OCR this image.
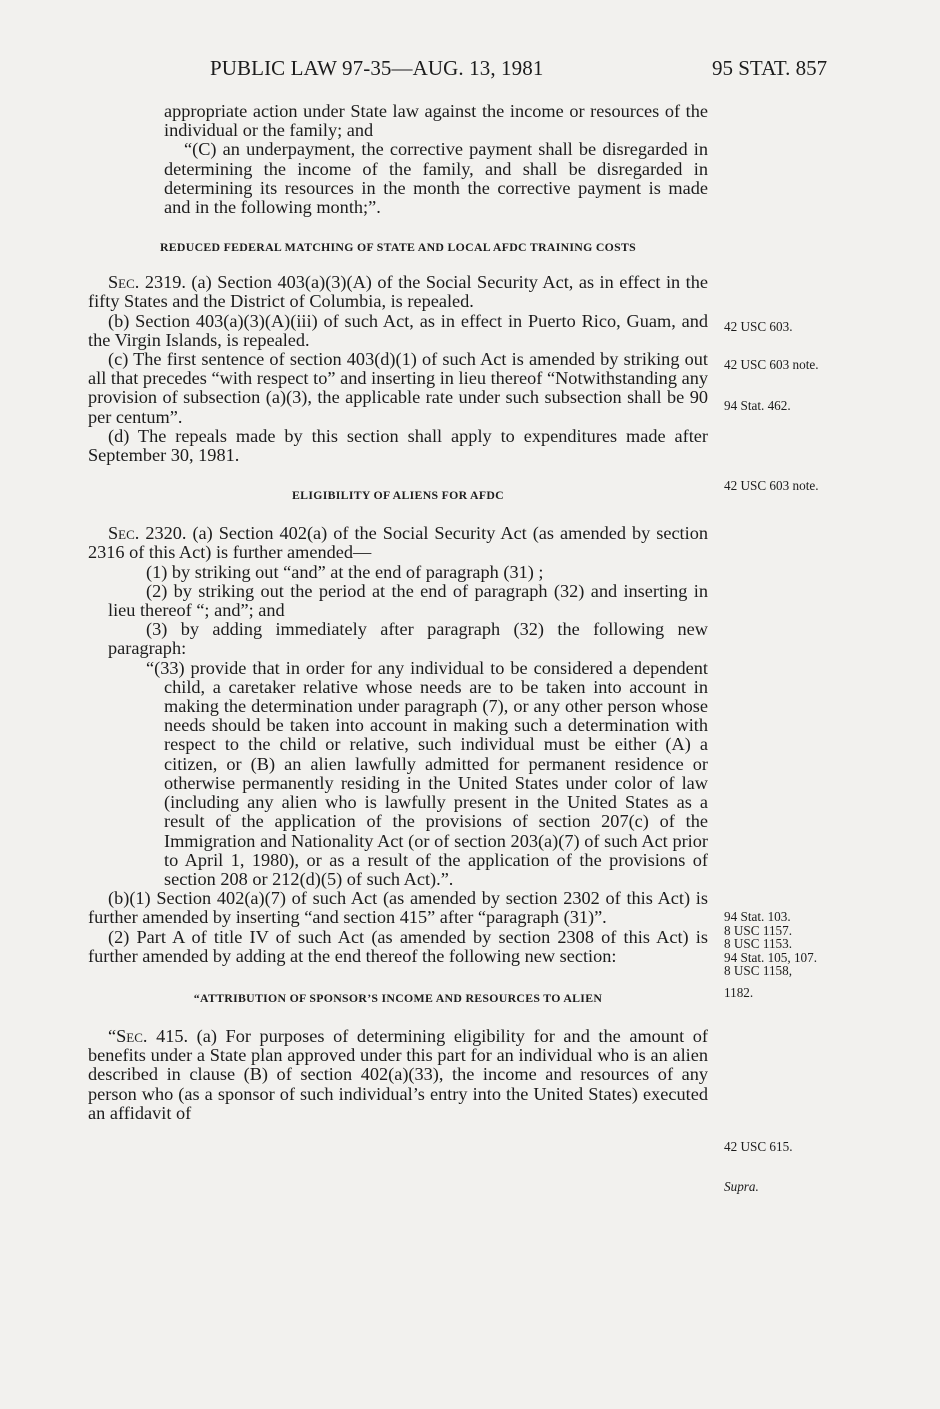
PUBLIC LAW 97-35—AUG. 13, 1981	95 STAT. 857

appropriate action under State law against the income or resources of the individual or the family; and

“(C) an underpayment, the corrective payment shall be disregarded in determining the income of the family, and shall be disregarded in determining its resources in the month the corrective payment is made and in the following month;”.

REDUCED FEDERAL MATCHING OF STATE AND LOCAL AFDC TRAINING COSTS

Sec. 2319. (a) Section 403(a)(3)(A) of the Social Security Act, as in effect in the fifty States and the District of Columbia, is repealed.

(b) Section 403(a)(3)(A)(iii) of such Act, as in effect in Puerto Rico, Guam, and the Virgin Islands, is repealed.

(c) The first sentence of section 403(d)(1) of such Act is amended by striking out all that precedes “with respect to” and inserting in lieu thereof “Notwithstanding any provision of subsection (a)(3), the applicable rate under such subsection shall be 90 per centum”.

(d) The repeals made by this section shall apply to expenditures made after September 30, 1981.

ELIGIBILITY OF ALIENS FOR AFDC

Sec. 2320. (a) Section 402(a) of the Social Security Act (as amended by section 2316 of this Act) is further amended—

(1) by striking out “and” at the end of paragraph (31) ;

(2) by striking out the period at the end of paragraph (32) and inserting in lieu thereof “; and”; and

(3) by adding immediately after paragraph (32) the following new paragraph:

“(33) provide that in order for any individual to be considered a dependent child, a caretaker relative whose needs are to be taken into account in making the determination under paragraph (7), or any other person whose needs should be taken into account in making such a determination with respect to the child or relative, such individual must be either (A) a citizen, or (B) an alien lawfully admitted for permanent residence or otherwise permanently residing in the United States under color of law (including any alien who is lawfully present in the United States as a result of the application of the provisions of section 207(c) of the Immigration and Nationality Act (or of section 203(a)(7) of such Act prior to April 1, 1980), or as a result of the application of the provisions of section 208 or 212(d)(5) of such Act).”.

(b)(1) Section 402(a)(7) of such Act (as amended by section 2302 of this Act) is further amended by inserting “and section 415” after “paragraph (31)”.

(2) Part A of title IV of such Act (as amended by section 2308 of this Act) is further amended by adding at the end thereof the following new section:

“ATTRIBUTION OF SPONSOR’S INCOME AND RESOURCES TO ALIEN

“Sec. 415. (a) For purposes of determining eligibility for and the amount of benefits under a State plan approved under this part for an individual who is an alien described in clause (B) of section 402(a)(33), the income and resources of any person who (as a sponsor of such individual’s entry into the United States) executed an affidavit of

42 USC 603.
42 USC 603 note.
94 Stat. 462.
42 USC 603 note.
94 Stat. 103.
8 USC 1157.
8 USC 1153.
94 Stat. 105, 107.
8 USC 1158,
1182.
42 USC 615.
Supra.
